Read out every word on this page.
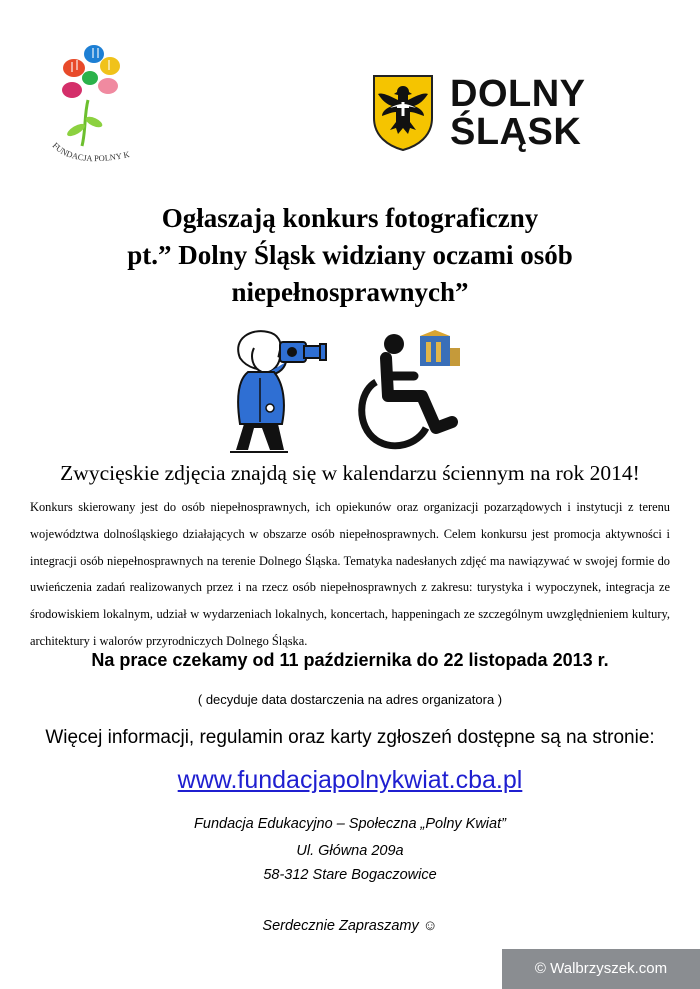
FUNDACJA POLNY K
DOLNY
ŚLĄSK
Ogłaszają konkurs fotograficzny
pt.” Dolny Śląsk widziany oczami osób
niepełnosprawnych”
Zwycięskie zdjęcia znajdą się w kalendarzu ściennym na rok 2014!
Konkurs skierowany jest do osób niepełnosprawnych, ich opiekunów oraz organizacji pozarządowych i instytucji z terenu województwa dolnośląskiego działających w obszarze osób niepełnosprawnych. Celem konkursu jest promocja aktywności i integracji osób niepełnosprawnych na terenie Dolnego Śląska. Tematyka nadesłanych zdjęć ma nawiązywać w swojej formie do uwieńczenia zadań realizowanych przez i na rzecz osób niepełnosprawnych z zakresu: turystyka i wypoczynek, integracja ze środowiskiem lokalnym, udział w wydarzeniach lokalnych, koncertach, happeningach ze szczególnym uwzględnieniem kultury, architektury i walorów przyrodniczych Dolnego Śląska.
Na prace czekamy od 11 października do 22 listopada 2013 r.
( decyduje data dostarczenia na adres organizatora )
Więcej informacji, regulamin oraz karty zgłoszeń dostępne są na stronie:
www.fundacjapolnykwiat.cba.pl
Fundacja Edukacyjno – Społeczna „Polny Kwiat”
Ul. Główna 209a
58-312 Stare Bogaczowice
Serdecznie Zapraszamy ☺
© Walbrzyszek.com
